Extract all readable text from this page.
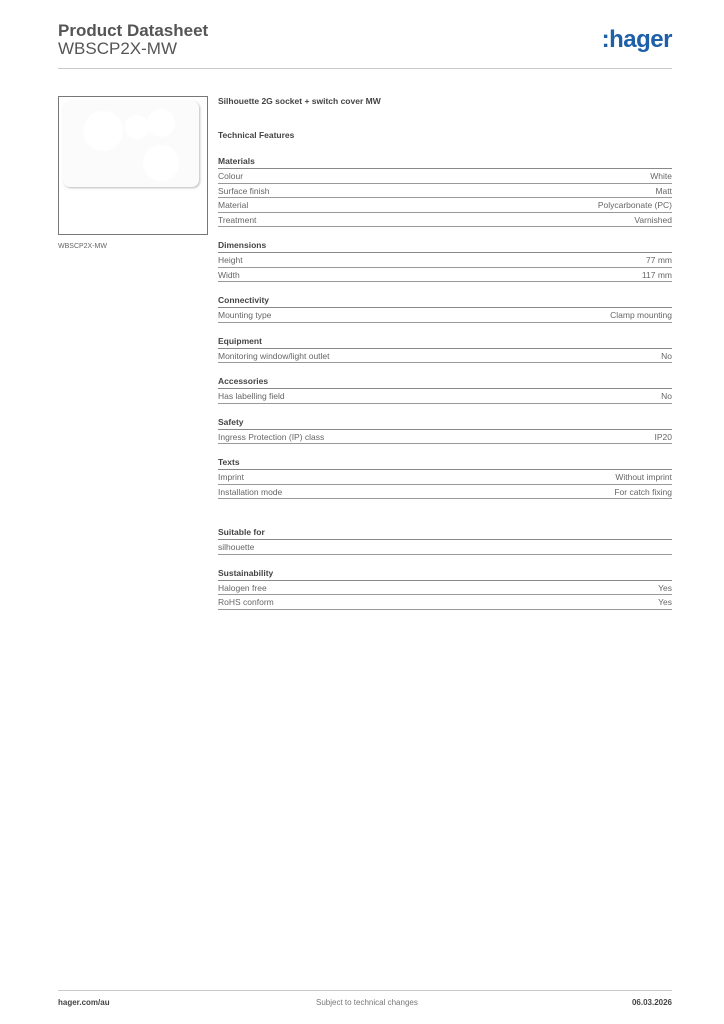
Product Datasheet
WBSCP2X-MW	:hager
WBSCP2X-MW
Silhouette 2G socket + switch cover MW
Technical Features
Materials
Colour	White
Surface finish	Matt
Material	Polycarbonate (PC)
Treatment	Varnished
Dimensions
Height	77 mm
Width	117 mm
Connectivity
Mounting type	Clamp mounting
Equipment
Monitoring window/light outlet	No
Accessories
Has labelling field	No
Safety
Ingress Protection (IP) class	IP20
Texts
Imprint	Without imprint
Installation mode	For catch fixing
Suitable for
silhouette
Sustainability
Halogen free	Yes
RoHS conform	Yes
hager.com/au	Subject to technical changes	06.03.2026
